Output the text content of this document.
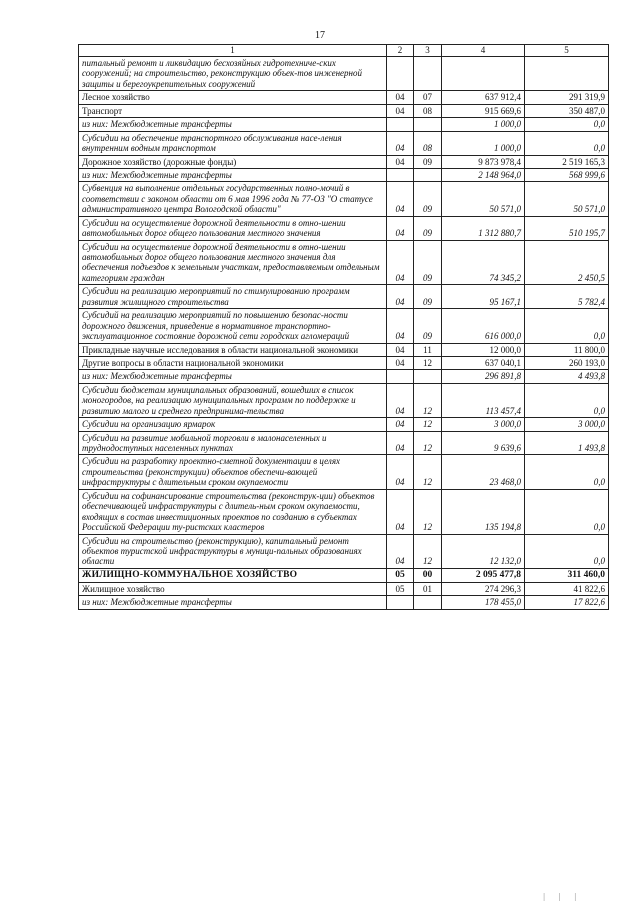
17
1	2	3	4	5
питальный ремонт и ликвидацию бесхозяйных гидротехниче-ских сооружений; на строительство, реконструкцию объек-тов инженерной защиты и берегоукрепительных сооружений				
Лесное хозяйство	04	07	637 912,4	291 319,9
Транспорт	04	08	915 669,6	350 487,0
из них: Межбюджетные трансферты			1 000,0	0,0
Субсидии на обеспечение транспортного обслуживания насе-ления внутренним водным транспортом	04	08	1 000,0	0,0
Дорожное хозяйство (дорожные фонды)	04	09	9 873 978,4	2 519 165,3
из них: Межбюджетные трансферты			2 148 964,0	568 999,6
Субвенция на выполнение отдельных государственных полно-мочий в соответствии с законом области от 6 мая 1996 года № 77-ОЗ "О статусе административного центра Вологодской области"	04	09	50 571,0	50 571,0
Субсидии на осуществление дорожной деятельности в отно-шении автомобильных дорог общего пользования местного значения	04	09	1 312 880,7	510 195,7
Субсидии на осуществление дорожной деятельности в отно-шении автомобильных дорог общего пользования местного значения для обеспечения подъездов к земельным участкам, предоставляемым отдельным категориям граждан	04	09	74 345,2	2 450,5
Субсидии на реализацию мероприятий по стимулированию программ развития жилищного строительства	04	09	95 167,1	5 782,4
Субсидий на реализацию мероприятий по повышению безопас-ности дорожного движения, приведение в нормативное транспортно-эксплуатационное состояние дорожной сети городских агломераций	04	09	616 000,0	0,0
Прикладные научные исследования в области национальной экономики	04	11	12 000,0	11 800,0
Другие вопросы в области национальной экономики	04	12	637 040,1	260 193,0
из них: Межбюджетные трансферты			296 891,8	4 493,8
Субсидии бюджетам муниципальных образований, вошедших в список моногородов, на реализацию муниципальных программ по поддержке и развитию малого и среднего предпринима-тельства	04	12	113 457,4	0,0
Субсидии на организацию ярмарок	04	12	3 000,0	3 000,0
Субсидии на развитие мобильной торговли в малонаселенных и труднодоступных населенных пунктах	04	12	9 639,6	1 493,8
Субсидии на разработку проектно-сметной документации в целях строительства (реконструкции) объектов обеспечи-вающей инфраструктуры с длительным сроком окупаемости	04	12	23 468,0	0,0
Субсидии на софинансирование строительства (реконструк-ции) объектов обеспечивающей инфраструктуры с длитель-ным сроком окупаемости, входящих в состав инвестиционных проектов по созданию в субъектах Российской Федерации ту-ристских кластеров	04	12	135 194,8	0,0
Субсидии на строительство (реконструкцию), капитальный ремонт объектов туристской инфраструктуры в муници-пальных образованиях области	04	12	12 132,0	0,0
ЖИЛИЩНО-КОММУНАЛЬНОЕ ХОЗЯЙСТВО	05	00	2 095 477,8	311 460,0
Жилищное хозяйство	05	01	274 296,3	41 822,6
из них: Межбюджетные трансферты			178 455,0	17 822,6
| | |
